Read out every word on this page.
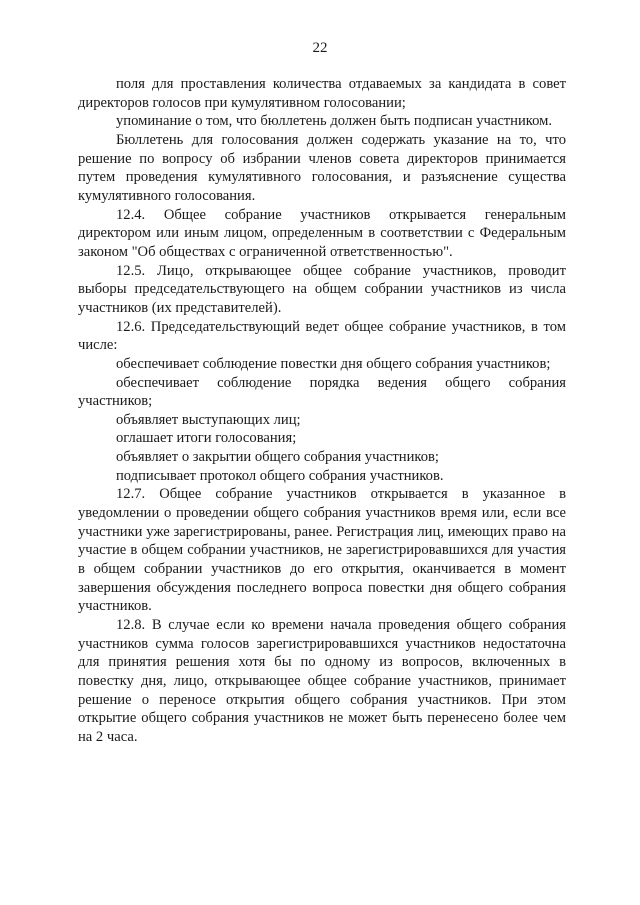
22

поля для проставления количества отдаваемых за кандидата в совет директоров голосов при кумулятивном голосовании;

упоминание о том, что бюллетень должен быть подписан участником.

Бюллетень для голосования должен содержать указание на то, что решение по вопросу об избрании членов совета директоров принимается путем проведения кумулятивного голосования, и разъяснение существа кумулятивного голосования.

12.4. Общее собрание участников открывается генеральным директором или иным лицом, определенным в соответствии с Федеральным законом "Об обществах с ограниченной ответственностью".

12.5. Лицо, открывающее общее собрание участников, проводит выборы председательствующего на общем собрании участников из числа участников (их представителей).

12.6. Председательствующий ведет общее собрание участников, в том числе:

обеспечивает соблюдение повестки дня общего собрания участников;

обеспечивает соблюдение порядка ведения общего собрания участников;

объявляет выступающих лиц;

оглашает итоги голосования;

объявляет о закрытии общего собрания участников;

подписывает протокол общего собрания участников.

12.7. Общее собрание участников открывается в указанное в уведомлении о проведении общего собрания участников время или, если все участники уже зарегистрированы, ранее. Регистрация лиц, имеющих право на участие в общем собрании участников, не зарегистрировавшихся для участия в общем собрании участников до его открытия, оканчивается в момент завершения обсуждения последнего вопроса повестки дня общего собрания участников.

12.8. В случае если ко времени начала проведения общего собрания участников сумма голосов зарегистрировавшихся участников недостаточна для принятия решения хотя бы по одному из вопросов, включенных в повестку дня, лицо, открывающее общее собрание участников, принимает решение о переносе открытия общего собрания участников. При этом открытие общего собрания участников не может быть перенесено более чем на 2 часа.
